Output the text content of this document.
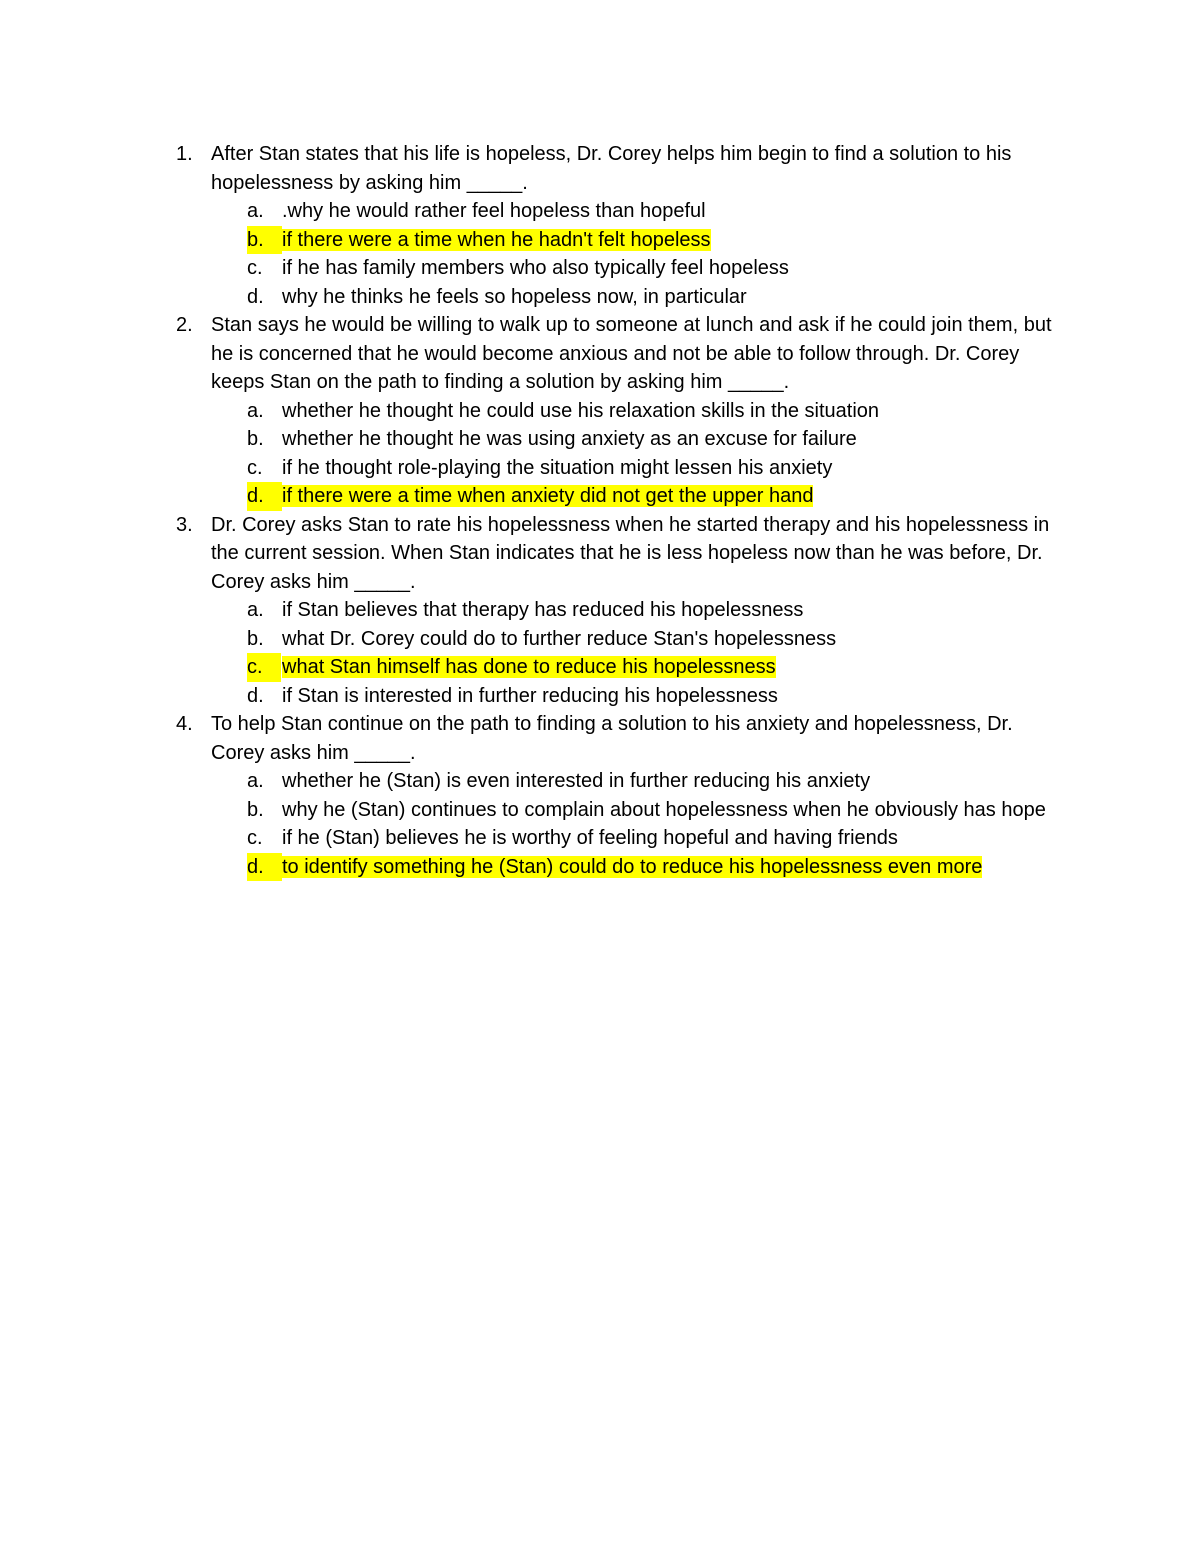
1. After Stan states that his life is hopeless, Dr. Corey helps him begin to find a solution to his hopelessness by asking him _____.
a. .why he would rather feel hopeless than hopeful
b. if there were a time when he hadn't felt hopeless
c. if he has family members who also typically feel hopeless
d. why he thinks he feels so hopeless now, in particular
2. Stan says he would be willing to walk up to someone at lunch and ask if he could join them, but he is concerned that he would become anxious and not be able to follow through. Dr. Corey keeps Stan on the path to finding a solution by asking him _____.
a. whether he thought he could use his relaxation skills in the situation
b. whether he thought he was using anxiety as an excuse for failure
c. if he thought role-playing the situation might lessen his anxiety
d. if there were a time when anxiety did not get the upper hand
3. Dr. Corey asks Stan to rate his hopelessness when he started therapy and his hopelessness in the current session. When Stan indicates that he is less hopeless now than he was before, Dr. Corey asks him _____.
a. if Stan believes that therapy has reduced his hopelessness
b. what Dr. Corey could do to further reduce Stan's hopelessness
c. what Stan himself has done to reduce his hopelessness
d. if Stan is interested in further reducing his hopelessness
4. To help Stan continue on the path to finding a solution to his anxiety and hopelessness, Dr. Corey asks him _____.
a. whether he (Stan) is even interested in further reducing his anxiety
b. why he (Stan) continues to complain about hopelessness when he obviously has hope
c. if he (Stan) believes he is worthy of feeling hopeful and having friends
d. to identify something he (Stan) could do to reduce his hopelessness even more
